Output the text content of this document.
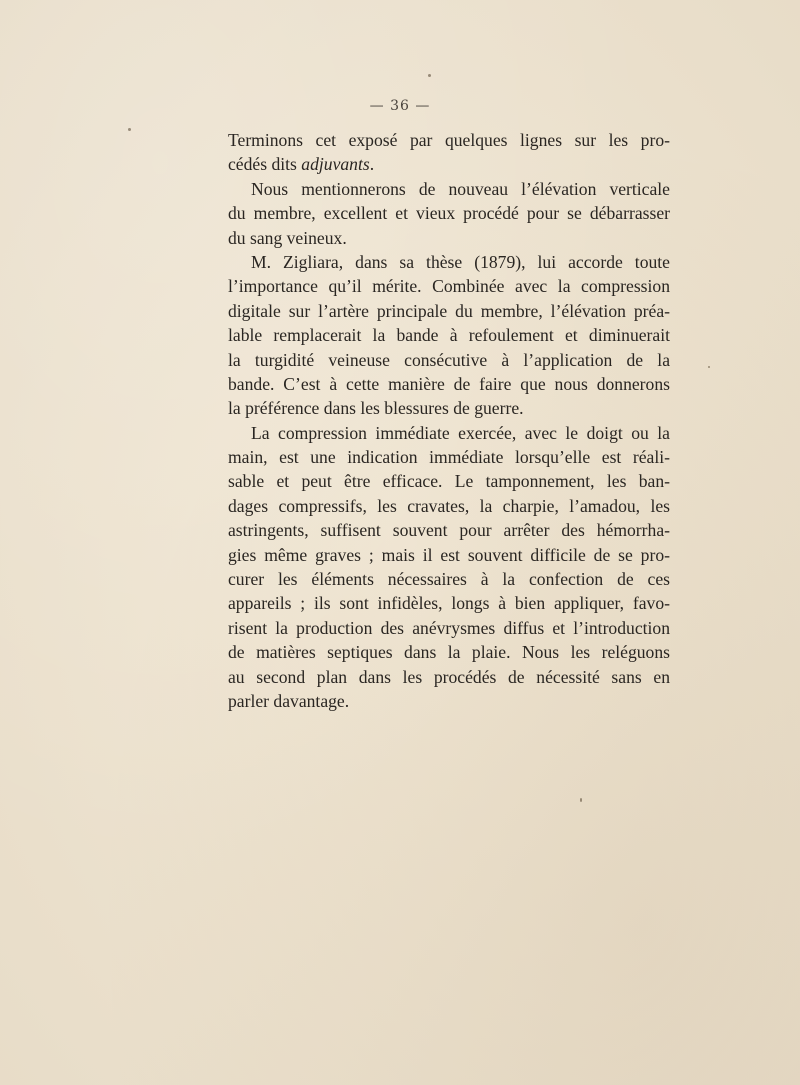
— 36 —

Terminons cet exposé par quelques lignes sur les pro-
cédés dits adjuvants.

Nous mentionnerons de nouveau l’élévation verticale
du membre, excellent et vieux procédé pour se débarrasser
du sang veineux.

M. Zigliara, dans sa thèse (1879), lui accorde toute
l’importance qu’il mérite. Combinée avec la compression
digitale sur l’artère principale du membre, l’élévation préa-
lable remplacerait la bande à refoulement et diminuerait
la turgidité veineuse consécutive à l’application de la
bande. C’est à cette manière de faire que nous donnerons
la préférence dans les blessures de guerre.

La compression immédiate exercée, avec le doigt ou la
main, est une indication immédiate lorsqu’elle est réali-
sable et peut être efficace. Le tamponnement, les ban-
dages compressifs, les cravates, la charpie, l’amadou, les
astringents, suffisent souvent pour arrêter des hémorrha-
gies même graves ; mais il est souvent difficile de se pro-
curer les éléments nécessaires à la confection de ces
appareils ; ils sont infidèles, longs à bien appliquer, favo-
risent la production des anévrysmes diffus et l’introduction
de matières septiques dans la plaie. Nous les reléguons
au second plan dans les procédés de nécessité sans en
parler davantage.
